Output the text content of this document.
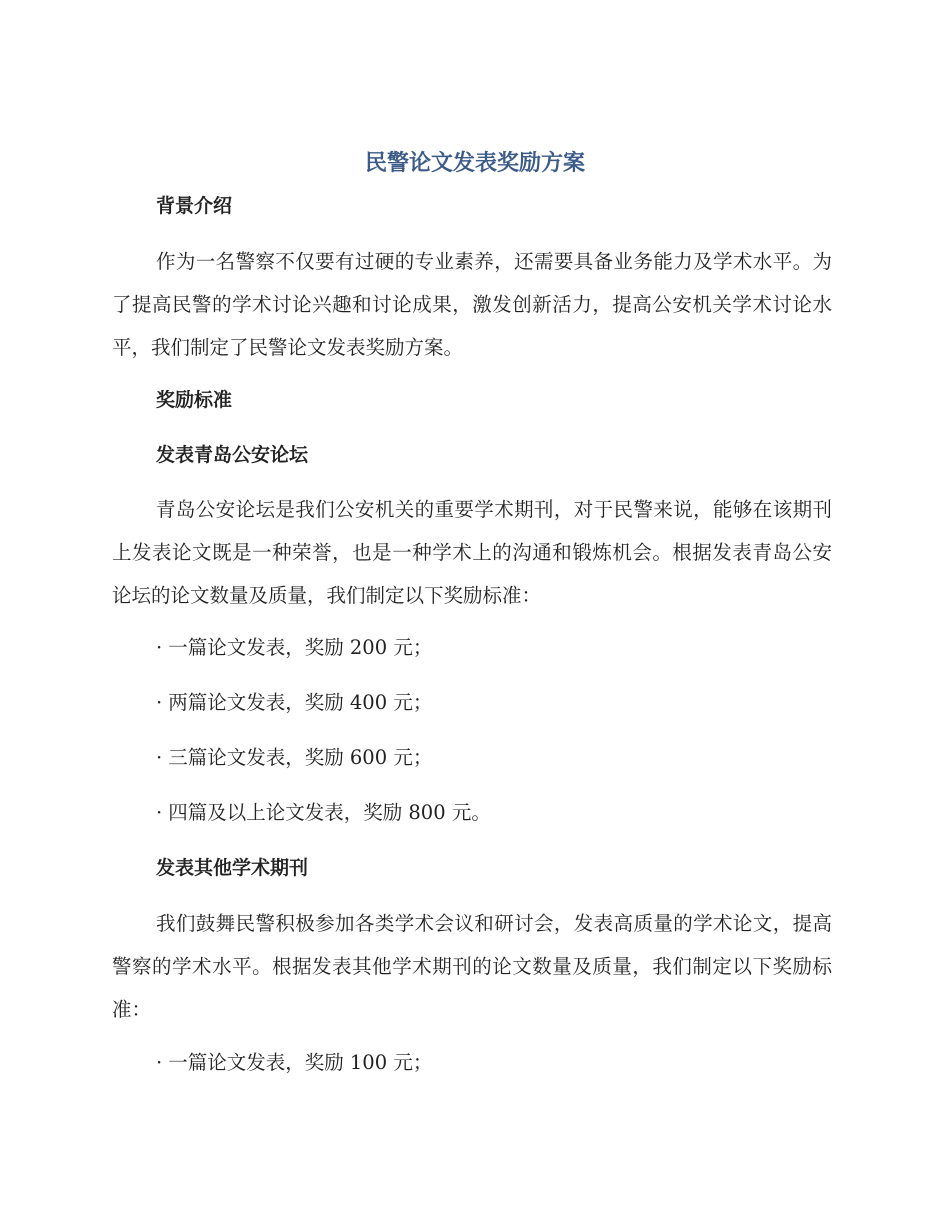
民警论文发表奖励方案
背景介绍
作为一名警察不仅要有过硬的专业素养，还需要具备业务能力及学术水平。为了提高民警的学术讨论兴趣和讨论成果，激发创新活力，提高公安机关学术讨论水平，我们制定了民警论文发表奖励方案。
奖励标准
发表青岛公安论坛
青岛公安论坛是我们公安机关的重要学术期刊，对于民警来说，能够在该期刊上发表论文既是一种荣誉，也是一种学术上的沟通和锻炼机会。根据发表青岛公安论坛的论文数量及质量，我们制定以下奖励标准：
· 一篇论文发表，奖励 200 元；
· 两篇论文发表，奖励 400 元；
· 三篇论文发表，奖励 600 元；
· 四篇及以上论文发表，奖励 800 元。
发表其他学术期刊
我们鼓舞民警积极参加各类学术会议和研讨会，发表高质量的学术论文，提高警察的学术水平。根据发表其他学术期刊的论文数量及质量，我们制定以下奖励标准：
· 一篇论文发表，奖励 100 元；
